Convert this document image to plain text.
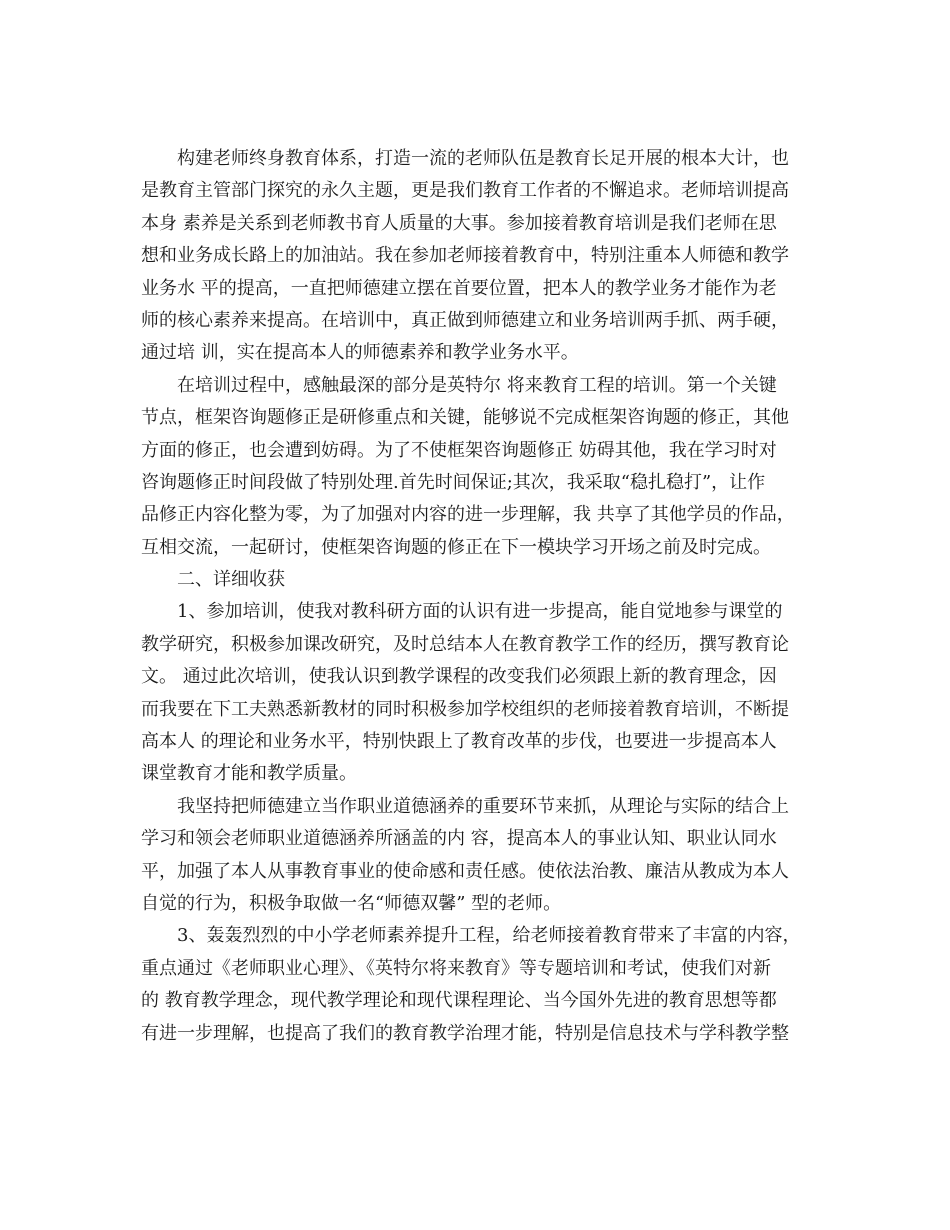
　　构建老师终身教育体系，打造一流的老师队伍是教育长足开展的根本大计，也
是教育主管部门探究的永久主题，更是我们教育工作者的不懈追求。老师培训提高
本身 素养是关系到老师教书育人质量的大事。参加接着教育培训是我们老师在思
想和业务成长路上的加油站。我在参加老师接着教育中，特别注重本人师德和教学
业务水 平的提高，一直把师德建立摆在首要位置，把本人的教学业务才能作为老
师的核心素养来提高。在培训中，真正做到师德建立和业务培训两手抓、两手硬，
通过培 训，实在提高本人的师德素养和教学业务水平。
　　在培训过程中，感触最深的部分是英特尔 将来教育工程的培训。第一个关键
节点，框架咨询题修正是研修重点和关键，能够说不完成框架咨询题的修正，其他
方面的修正，也会遭到妨碍。为了不使框架咨询题修正 妨碍其他，我在学习时对
咨询题修正时间段做了特别处理.首先时间保证;其次，我采取“稳扎稳打”，让作
品修正内容化整为零，为了加强对内容的进一步理解，我 共享了其他学员的作品，
互相交流，一起研讨，使框架咨询题的修正在下一模块学习开场之前及时完成。
　　二、详细收获
　　1、参加培训，使我对教科研方面的认识有进一步提高，能自觉地参与课堂的
教学研究，积极参加课改研究，及时总结本人在教育教学工作的经历，撰写教育论
文。 通过此次培训，使我认识到教学课程的改变我们必须跟上新的教育理念，因
而我要在下工夫熟悉新教材的同时积极参加学校组织的老师接着教育培训，不断提
高本人 的理论和业务水平，特别快跟上了教育改革的步伐，也要进一步提高本人
课堂教育才能和教学质量。
　　我坚持把师德建立当作职业道德涵养的重要环节来抓，从理论与实际的结合上
学习和领会老师职业道德涵养所涵盖的内 容，提高本人的事业认知、职业认同水
平，加强了本人从事教育事业的使命感和责任感。使依法治教、廉洁从教成为本人
自觉的行为，积极争取做一名“师德双馨” 型的老师。
　　3、轰轰烈烈的中小学老师素养提升工程，给老师接着教育带来了丰富的内容，
重点通过《老师职业心理》、《英特尔将来教育》等专题培训和考试，使我们对新
的 教育教学理念，现代教学理论和现代课程理论、当今国外先进的教育思想等都
有进一步理解，也提高了我们的教育教学治理才能，特别是信息技术与学科教学整
